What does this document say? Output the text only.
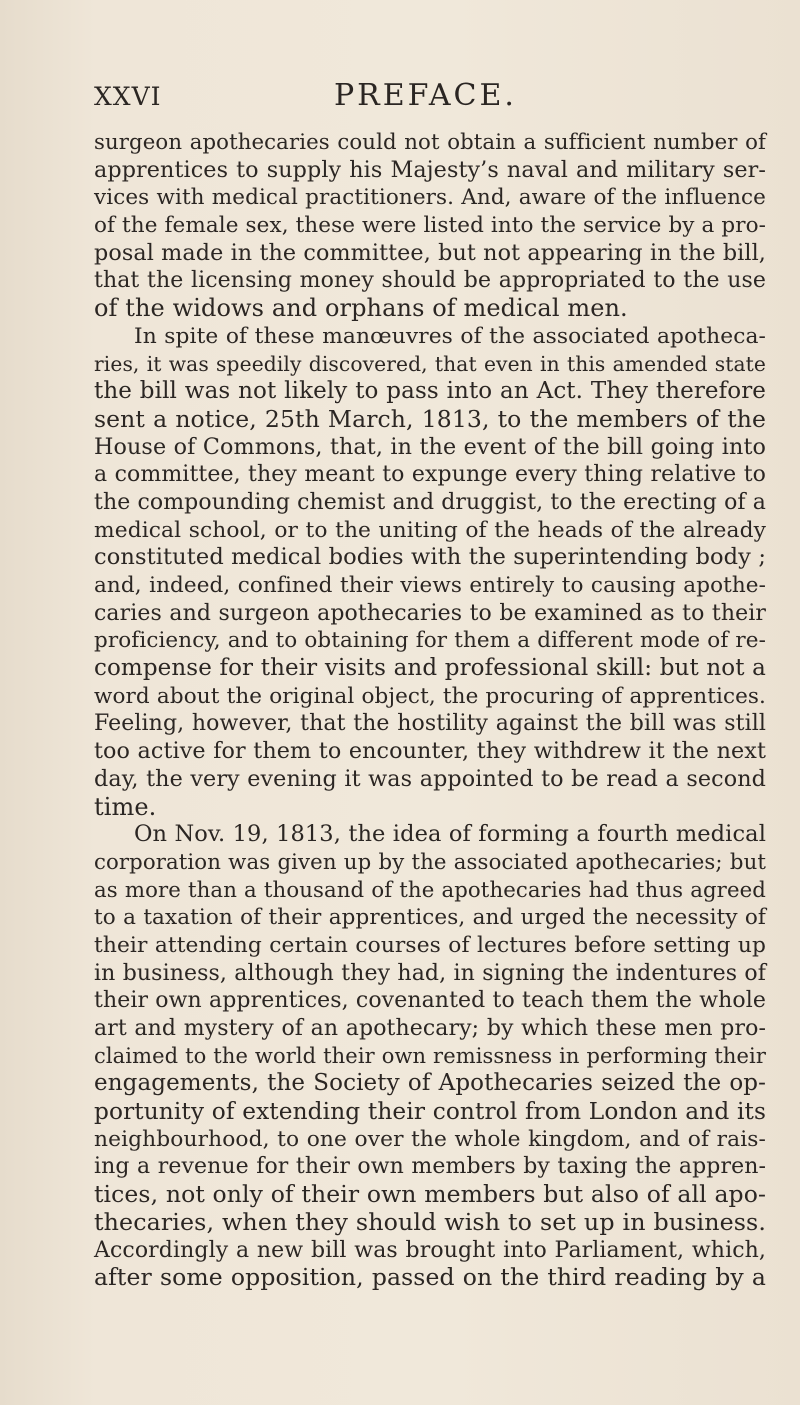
XXVI	PREFACE.
surgeon apothecaries could not obtain a sufficient number of
apprentices to supply his Majesty’s naval and military ser-
vices with medical practitioners. And, aware of the influence
of the female sex, these were listed into the service by a pro-
posal made in the committee, but not appearing in the bill,
that the licensing money should be appropriated to the use
of the widows and orphans of medical men.
In spite of these manœuvres of the associated apotheca-
ries, it was speedily discovered, that even in this amended state
the bill was not likely to pass into an Act. They therefore
sent a notice, 25th March, 1813, to the members of the
House of Commons, that, in the event of the bill going into
a committee, they meant to expunge every thing relative to
the compounding chemist and druggist, to the erecting of a
medical school, or to the uniting of the heads of the already
constituted medical bodies with the superintending body ;
and, indeed, confined their views entirely to causing apothe-
caries and surgeon apothecaries to be examined as to their
proficiency, and to obtaining for them a different mode of re-
compense for their visits and professional skill: but not a
word about the original object, the procuring of apprentices.
Feeling, however, that the hostility against the bill was still
too active for them to encounter, they withdrew it the next
day, the very evening it was appointed to be read a second
time.
On Nov. 19, 1813, the idea of forming a fourth medical
corporation was given up by the associated apothecaries; but
as more than a thousand of the apothecaries had thus agreed
to a taxation of their apprentices, and urged the necessity of
their attending certain courses of lectures before setting up
in business, although they had, in signing the indentures of
their own apprentices, covenanted to teach them the whole
art and mystery of an apothecary; by which these men pro-
claimed to the world their own remissness in performing their
engagements, the Society of Apothecaries seized the op-
portunity of extending their control from London and its
neighbourhood, to one over the whole kingdom, and of rais-
ing a revenue for their own members by taxing the appren-
tices, not only of their own members but also of all apo-
thecaries, when they should wish to set up in business.
Accordingly a new bill was brought into Parliament, which,
after some opposition, passed on the third reading by a
